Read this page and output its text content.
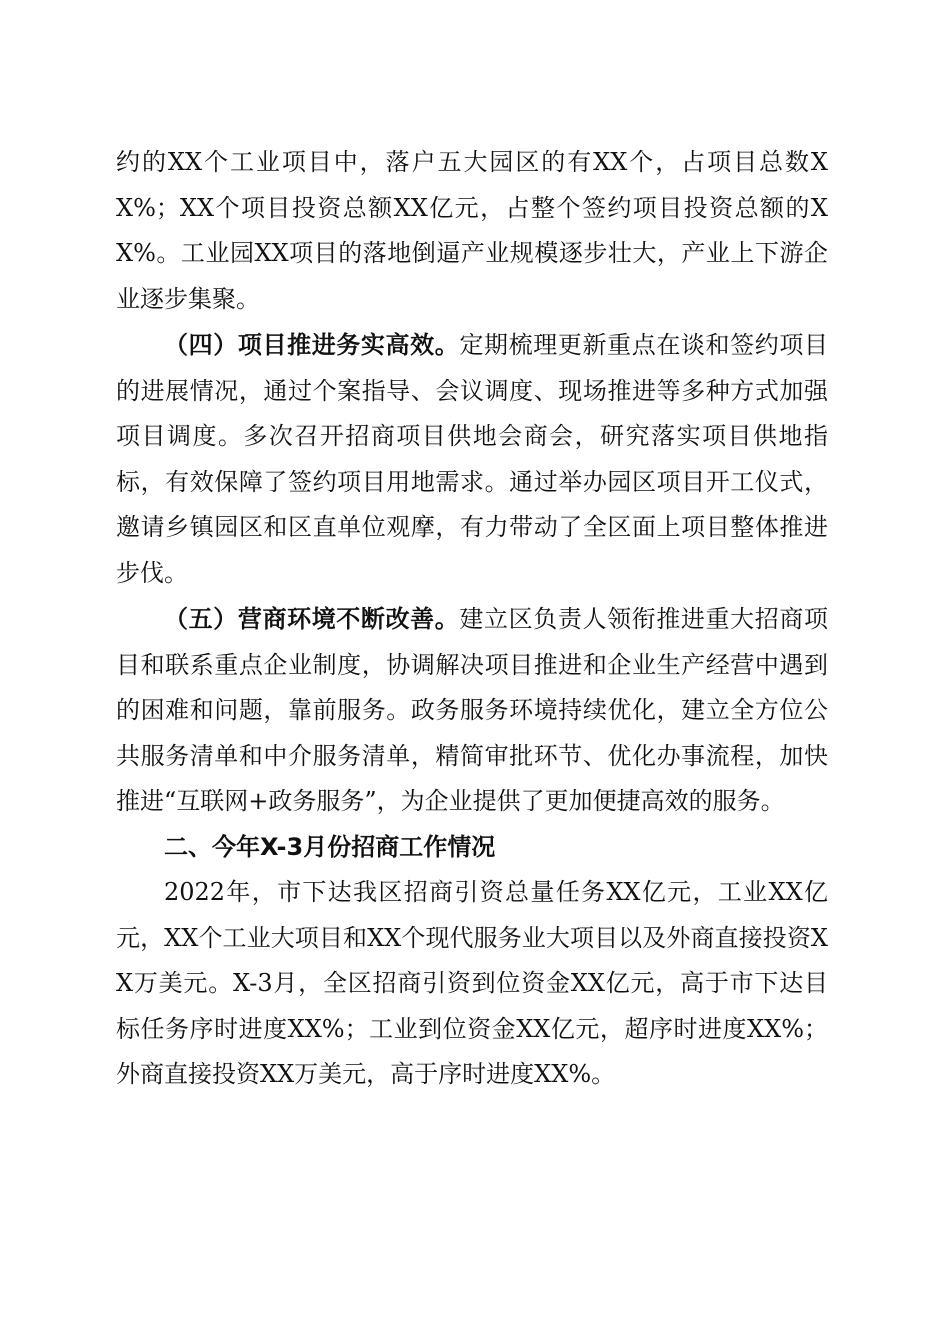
约的XX个工业项目中，落户五大园区的有XX个，占项目总数XX%；XX个项目投资总额XX亿元，占整个签约项目投资总额的XX%。工业园XX项目的落地倒逼产业规模逐步壮大，产业上下游企业逐步集聚。

（四）项目推进务实高效。定期梳理更新重点在谈和签约项目的进展情况，通过个案指导、会议调度、现场推进等多种方式加强项目调度。多次召开招商项目供地会商会，研究落实项目供地指标，有效保障了签约项目用地需求。通过举办园区项目开工仪式，邀请乡镇园区和区直单位观摩，有力带动了全区面上项目整体推进步伐。

（五）营商环境不断改善。建立区负责人领衔推进重大招商项目和联系重点企业制度，协调解决项目推进和企业生产经营中遇到的困难和问题，靠前服务。政务服务环境持续优化，建立全方位公共服务清单和中介服务清单，精简审批环节、优化办事流程，加快推进“互联网+政务服务”，为企业提供了更加便捷高效的服务。

二、今年X-3月份招商工作情况

2022年，市下达我区招商引资总量任务XX亿元，工业XX亿元，XX个工业大项目和XX个现代服务业大项目以及外商直接投资XX万美元。X-3月，全区招商引资到位资金XX亿元，高于市下达目标任务序时进度XX%；工业到位资金XX亿元，超序时进度XX%；外商直接投资XX万美元，高于序时进度XX%。
